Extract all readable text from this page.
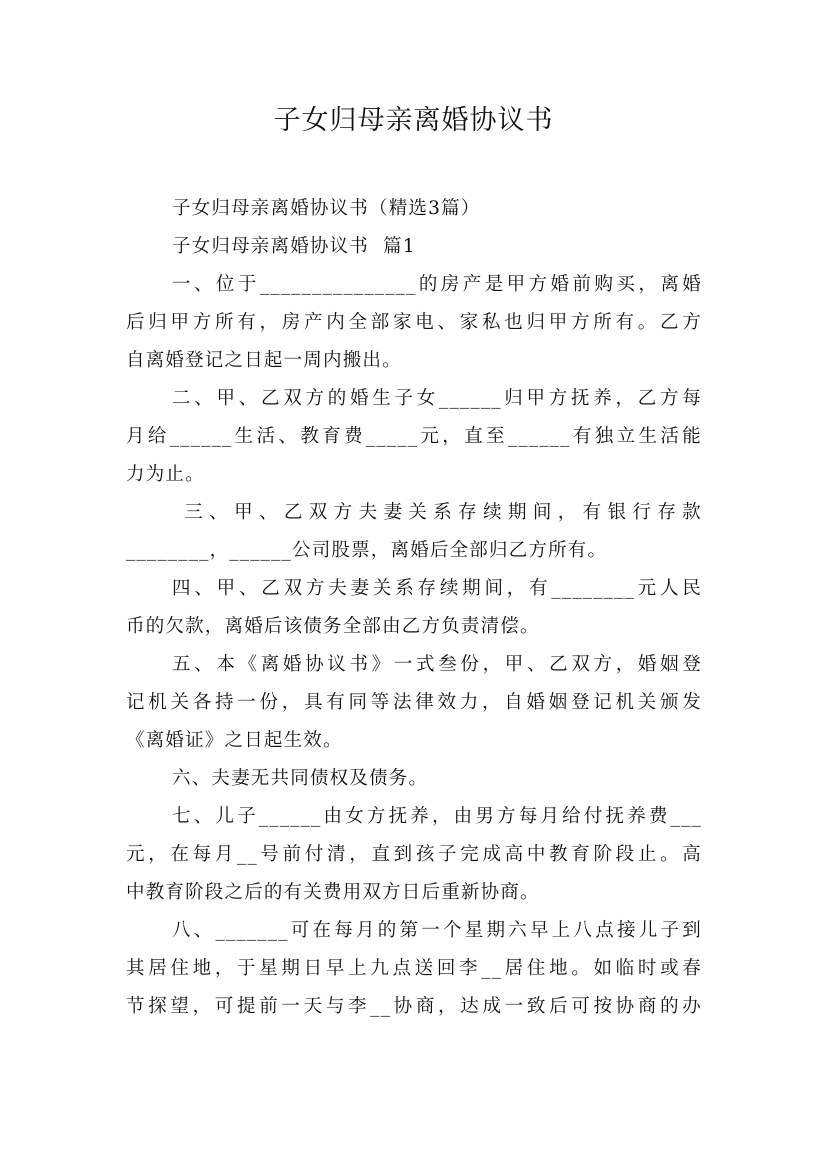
子女归母亲离婚协议书
子女归母亲离婚协议书（精选3篇）
子女归母亲离婚协议书  篇1
一、位于_______________的房产是甲方婚前购买，离婚
后归甲方所有，房产内全部家电、家私也归甲方所有。乙方
自离婚登记之日起一周内搬出。
二、甲、乙双方的婚生子女______归甲方抚养，乙方每
月给______生活、教育费_____元，直至______有独立生活能
力为止。
三、甲、乙双方夫妻关系存续期间，有银行存款
________，______公司股票，离婚后全部归乙方所有。
四、甲、乙双方夫妻关系存续期间，有________元人民
币的欠款，离婚后该债务全部由乙方负责清偿。
五、本《离婚协议书》一式叁份，甲、乙双方，婚姻登
记机关各持一份，具有同等法律效力，自婚姻登记机关颁发
《离婚证》之日起生效。
六、夫妻无共同债权及债务。
七、儿子______由女方抚养，由男方每月给付抚养费___
元，在每月__号前付清，直到孩子完成高中教育阶段止。高
中教育阶段之后的有关费用双方日后重新协商。
八、_______可在每月的第一个星期六早上八点接儿子到
其居住地，于星期日早上九点送回李__居住地。如临时或春
节探望，可提前一天与李__协商，达成一致后可按协商的办
